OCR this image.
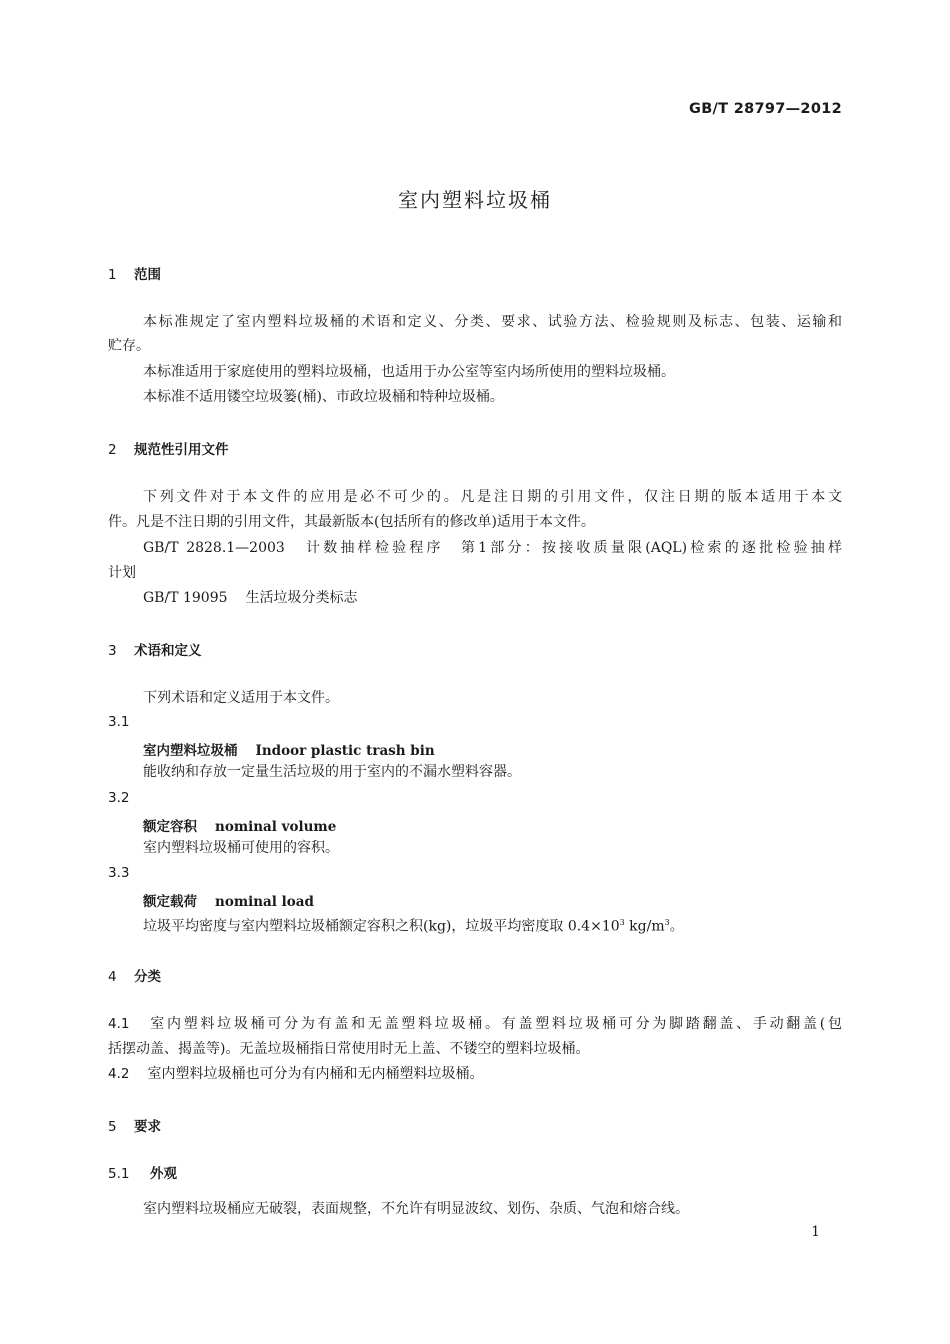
GB/T 28797—2012
室内塑料垃圾桶
1 范围
本标准规定了室内塑料垃圾桶的术语和定义、分类、要求、试验方法、检验规则及标志、包装、运输和
贮存。
本标准适用于家庭使用的塑料垃圾桶，也适用于办公室等室内场所使用的塑料垃圾桶。
本标准不适用镂空垃圾篓(桶)、市政垃圾桶和特种垃圾桶。
2 规范性引用文件
下列文件对于本文件的应用是必不可少的。凡是注日期的引用文件，仅注日期的版本适用于本文
件。凡是不注日期的引用文件，其最新版本(包括所有的修改单)适用于本文件。
GB/T 2828.1—2003 计数抽样检验程序　第1部分：按接收质量限(AQL)检索的逐批检验抽样
计划
GB/T 19095 生活垃圾分类标志
3 术语和定义
下列术语和定义适用于本文件。
3.1
室内塑料垃圾桶 Indoor plastic trash bin
能收纳和存放一定量生活垃圾的用于室内的不漏水塑料容器。
3.2
额定容积 nominal volume
室内塑料垃圾桶可使用的容积。
3.3
额定载荷 nominal load
垃圾平均密度与室内塑料垃圾桶额定容积之积(kg)，垃圾平均密度取 $0.4\times 10^3$ $kg/m^3$。
4 分类
4.1 室内塑料垃圾桶可分为有盖和无盖塑料垃圾桶。有盖塑料垃圾桶可分为脚踏翻盖、手动翻盖(包
括摆动盖、揭盖等)。无盖垃圾桶指日常使用时无上盖、不镂空的塑料垃圾桶。
4.2 室内塑料垃圾桶也可分为有内桶和无内桶塑料垃圾桶。
5 要求
5.1 外观
室内塑料垃圾桶应无破裂，表面规整，不允许有明显波纹、划伤、杂质、气泡和熔合线。
1
